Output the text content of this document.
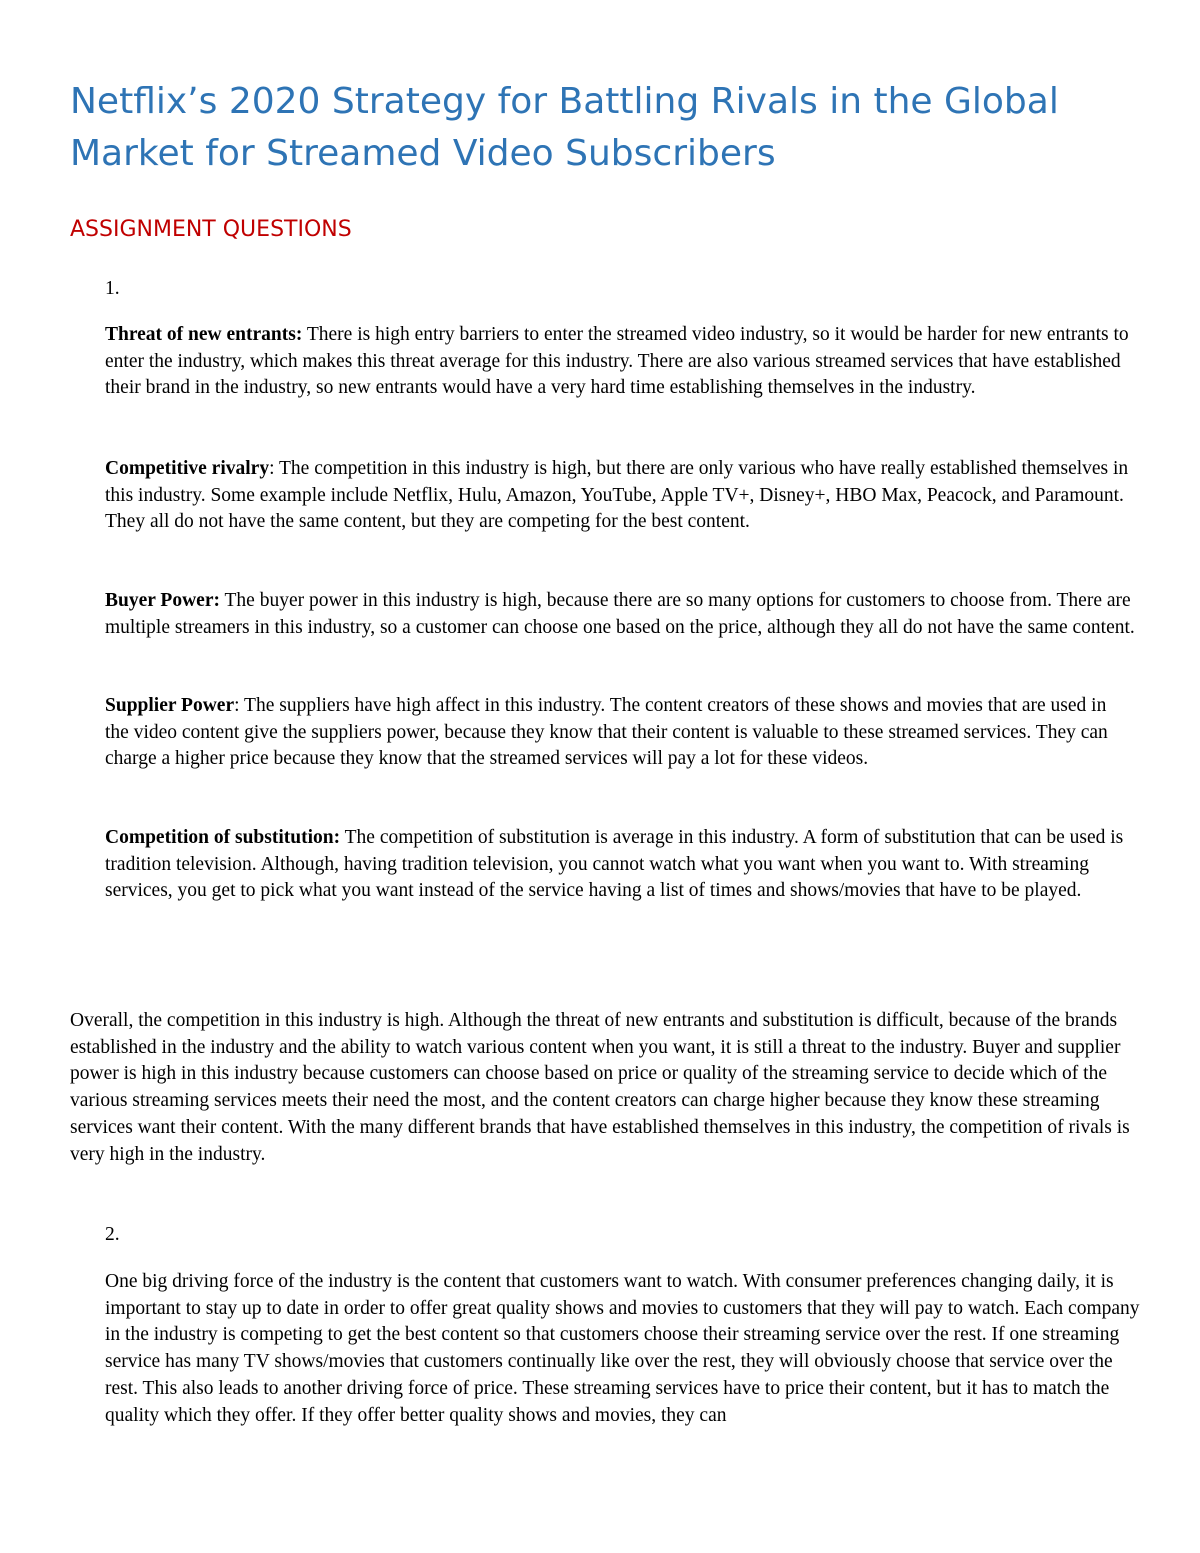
Netflix’s 2020 Strategy for Battling Rivals in the Global Market for Streamed Video Subscribers
ASSIGNMENT QUESTIONS
1.

Threat of new entrants: There is high entry barriers to enter the streamed video industry, so it would be harder for new entrants to enter the industry, which makes this threat average for this industry. There are also various streamed services that have established their brand in the industry, so new entrants would have a very hard time establishing themselves in the industry.

Competitive rivalry: The competition in this industry is high, but there are only various who have really established themselves in this industry. Some example include Netflix, Hulu, Amazon, YouTube, Apple TV+, Disney+, HBO Max, Peacock, and Paramount. They all do not have the same content, but they are competing for the best content.

Buyer Power: The buyer power in this industry is high, because there are so many options for customers to choose from. There are multiple streamers in this industry, so a customer can choose one based on the price, although they all do not have the same content.

Supplier Power: The suppliers have high affect in this industry. The content creators of these shows and movies that are used in the video content give the suppliers power, because they know that their content is valuable to these streamed services. They can charge a higher price because they know that the streamed services will pay a lot for these videos.

Competition of substitution: The competition of substitution is average in this industry. A form of substitution that can be used is tradition television. Although, having tradition television, you cannot watch what you want when you want to. With streaming services, you get to pick what you want instead of the service having a list of times and shows/movies that have to be played.

Overall, the competition in this industry is high. Although the threat of new entrants and substitution is difficult, because of the brands established in the industry and the ability to watch various content when you want, it is still a threat to the industry. Buyer and supplier power is high in this industry because customers can choose based on price or quality of the streaming service to decide which of the various streaming services meets their need the most, and the content creators can charge higher because they know these streaming services want their content. With the many different brands that have established themselves in this industry, the competition of rivals is very high in the industry.

2.

One big driving force of the industry is the content that customers want to watch. With consumer preferences changing daily, it is important to stay up to date in order to offer great quality shows and movies to customers that they will pay to watch. Each company in the industry is competing to get the best content so that customers choose their streaming service over the rest. If one streaming service has many TV shows/movies that customers continually like over the rest, they will obviously choose that service over the rest. This also leads to another driving force of price. These streaming services have to price their content, but it has to match the quality which they offer. If they offer better quality shows and movies, they can
